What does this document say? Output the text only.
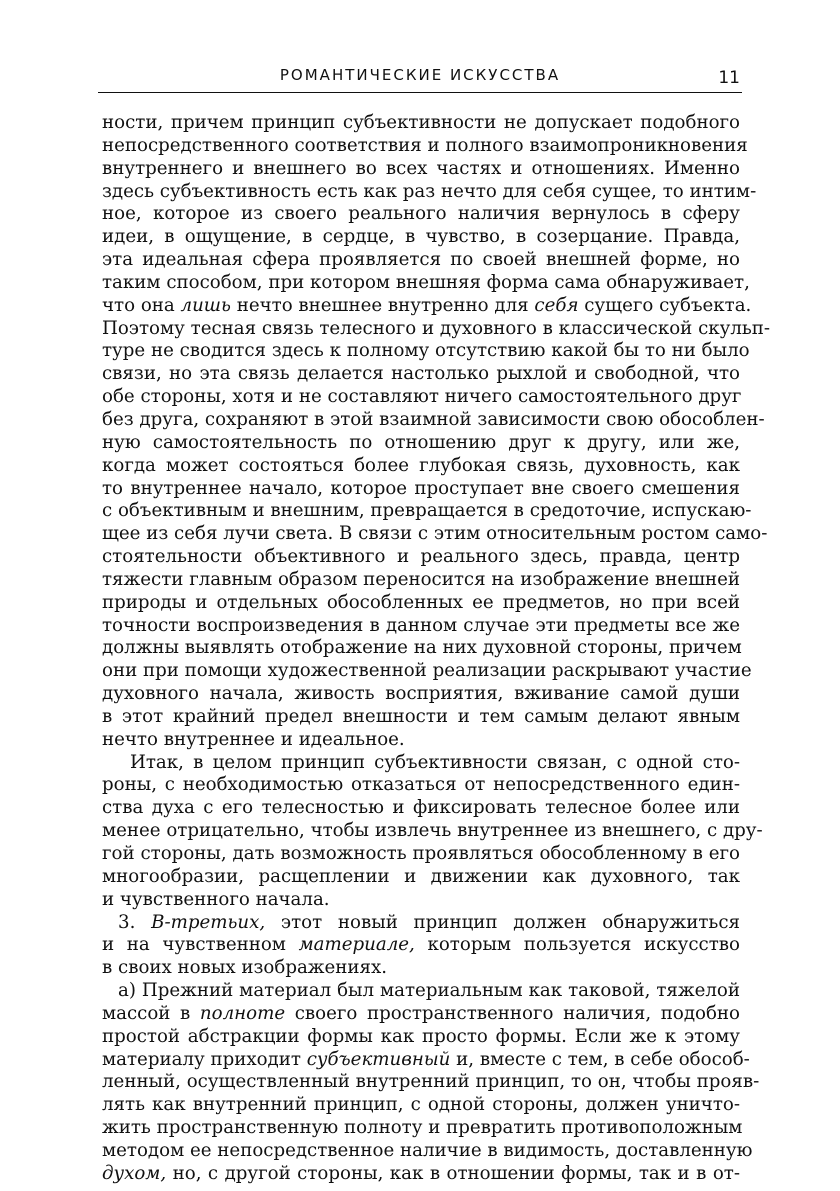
РОМАНТИЧЕСКИЕ ИСКУССТВА	11
ности, причем принцип субъективности не допускает подобного
непосредственного соответствия и полного взаимопроникновения
внутреннего и внешнего во всех частях и отношениях. Именно
здесь субъективность есть как раз нечто для себя сущее, то интим-
ное, которое из своего реального наличия вернулось в сферу
идеи, в ощущение, в сердце, в чувство, в созерцание. Правда,
эта идеальная сфера проявляется по своей внешней форме, но
таким способом, при котором внешняя форма сама обнаруживает,
что она лишь нечто внешнее внутренно для себя сущего субъекта.
Поэтому тесная связь телесного и духовного в классической скульп-
туре не сводится здесь к полному отсутствию какой бы то ни было
связи, но эта связь делается настолько рыхлой и свободной, что
обе стороны, хотя и не составляют ничего самостоятельного друг
без друга, сохраняют в этой взаимной зависимости свою обособлен-
ную самостоятельность по отношению друг к другу, или же,
когда может состояться более глубокая связь, духовность, как
то внутреннее начало, которое проступает вне своего смешения
с объективным и внешним, превращается в средоточие, испускаю-
щее из себя лучи света. В связи с этим относительным ростом само-
стоятельности объективного и реального здесь, правда, центр
тяжести главным образом переносится на изображение внешней
природы и отдельных обособленных ее предметов, но при всей
точности воспроизведения в данном случае эти предметы все же
должны выявлять отображение на них духовной стороны, причем
они при помощи художественной реализации раскрывают участие
духовного начала, живость восприятия, вживание самой души
в этот крайний предел внешности и тем самым делают явным
нечто внутреннее и идеальное.
Итак, в целом принцип субъективности связан, с одной сто-
роны, с необходимостью отказаться от непосредственного един-
ства духа с его телесностью и фиксировать телесное более или
менее отрицательно, чтобы извлечь внутреннее из внешнего, с дру-
гой стороны, дать возможность проявляться обособленному в его
многообразии, расщеплении и движении как духовного, так
и чувственного начала.
3. В-третьих, этот новый принцип должен обнаружиться
и на чувственном материале, которым пользуется искусство
в своих новых изображениях.
а) Прежний материал был материальным как таковой, тяжелой
массой в полноте своего пространственного наличия, подобно
простой абстракции формы как просто формы. Если же к этому
материалу приходит субъективный и, вместе с тем, в себе обособ-
ленный, осуществленный внутренний принцип, то он, чтобы прояв-
лять как внутренний принцип, с одной стороны, должен уничто-
жить пространственную полноту и превратить противоположным
методом ее непосредственное наличие в видимость, доставленную
духом, но, с другой стороны, как в отношении формы, так и в от-
